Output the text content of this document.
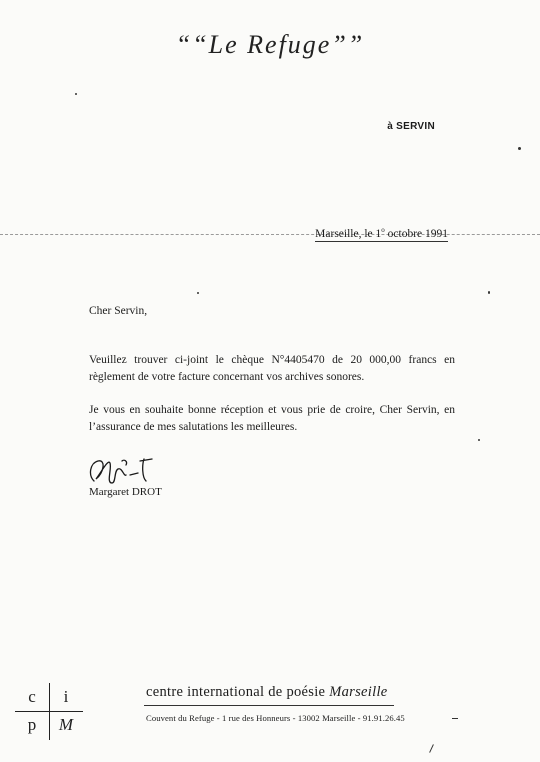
““Le Refuge””
à SERVIN
Marseille, le 1$^o$ octobre 1991
Cher Servin,
Veuillez trouver ci-joint le chèque N°4405470 de 20 000,00 francs en règlement de votre facture concernant vos archives sonores.
Je vous en souhaite bonne réception et vous prie de croire, Cher Servin, en l’assurance de mes salutations les meilleures.
Margaret DROT
c	i
p	M
centre international de poésie Marseille
Couvent du Refuge - 1 rue des Honneurs - 13002 Marseille - 91.91.26.45
